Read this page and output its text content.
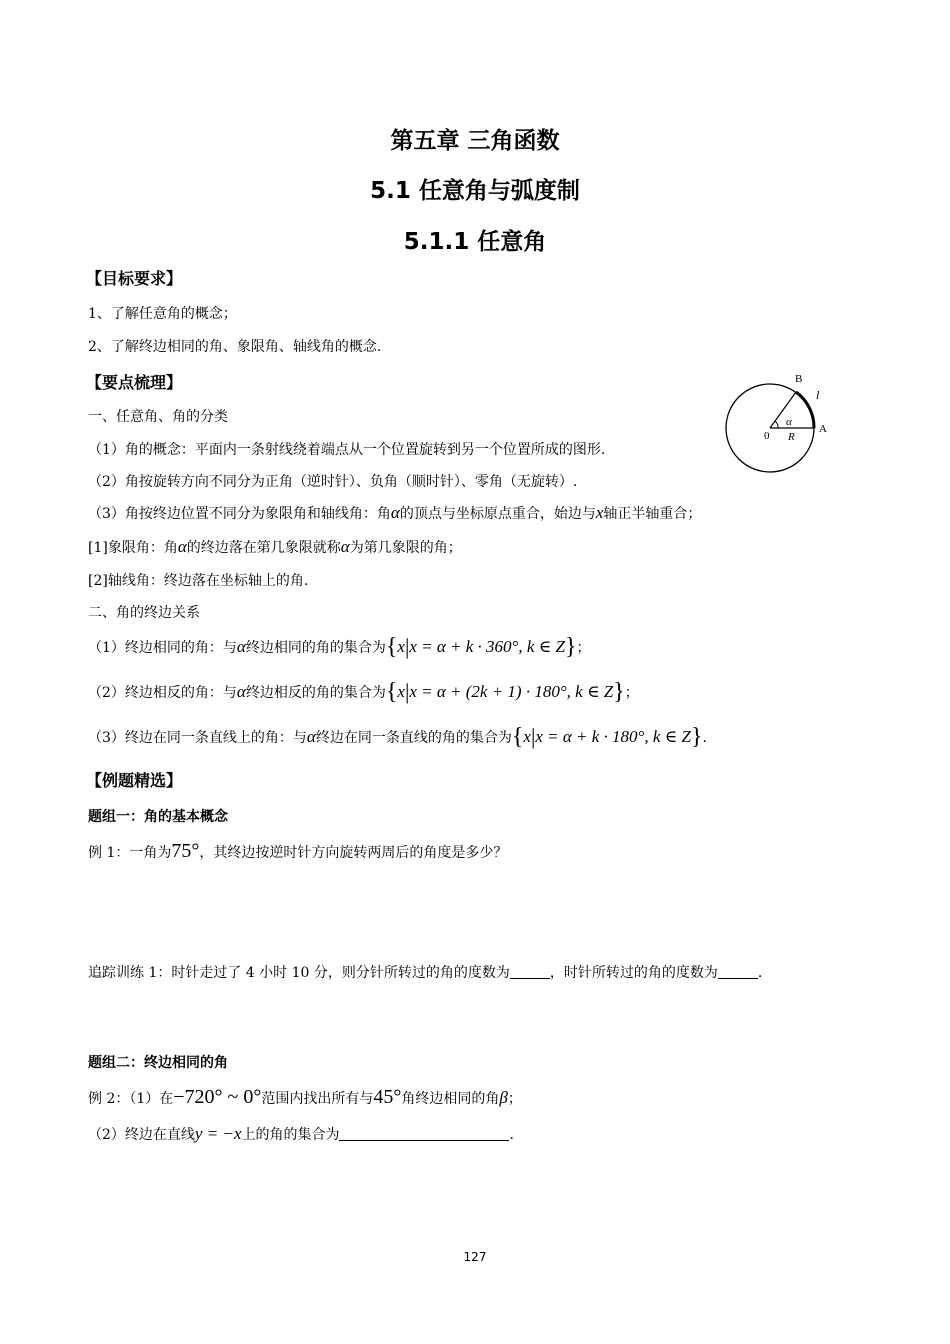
第五章 三角函数
5.1 任意角与弧度制
5.1.1 任意角
【目标要求】
1、了解任意角的概念；
2、了解终边相同的角、象限角、轴线角的概念.
【要点梳理】
一、任意角、角的分类
（1）角的概念：平面内一条射线绕着端点从一个位置旋转到另一个位置所成的图形.
（2）角按旋转方向不同分为正角（逆时针）、负角（顺时针）、零角（无旋转）.
（3）角按终边位置不同分为象限角和轴线角：角α的顶点与坐标原点重合，始边与x轴正半轴重合；
[1]象限角：角α的终边落在第几象限就称α为第几象限的角；
[2]轴线角：终边落在坐标轴上的角.
二、角的终边关系
（1）终边相同的角：与α终边相同的角的集合为{x|x = α + k · 360°, k ∈ Z}；
（2）终边相反的角：与α终边相反的角的集合为{x|x = α + (2k + 1) · 180°, k ∈ Z}；
（3）终边在同一条直线上的角：与α终边在同一条直线的角的集合为{x|x = α + k · 180°, k ∈ Z}.
【例题精选】
题组一：角的基本概念
例 1：一角为75°，其终边按逆时针方向旋转两周后的角度是多少？
追踪训练 1：时针走过了 4 小时 10 分，则分针所转过的角的度数为	，时针所转过的角的度数为	.
题组二：终边相同的角
例 2：（1）在−720° ~ 0°范围内找出所有与45°角终边相同的角β；
（2）终边在直线y = −x上的角的集合为	.
B
l
α
0 R
A
127
